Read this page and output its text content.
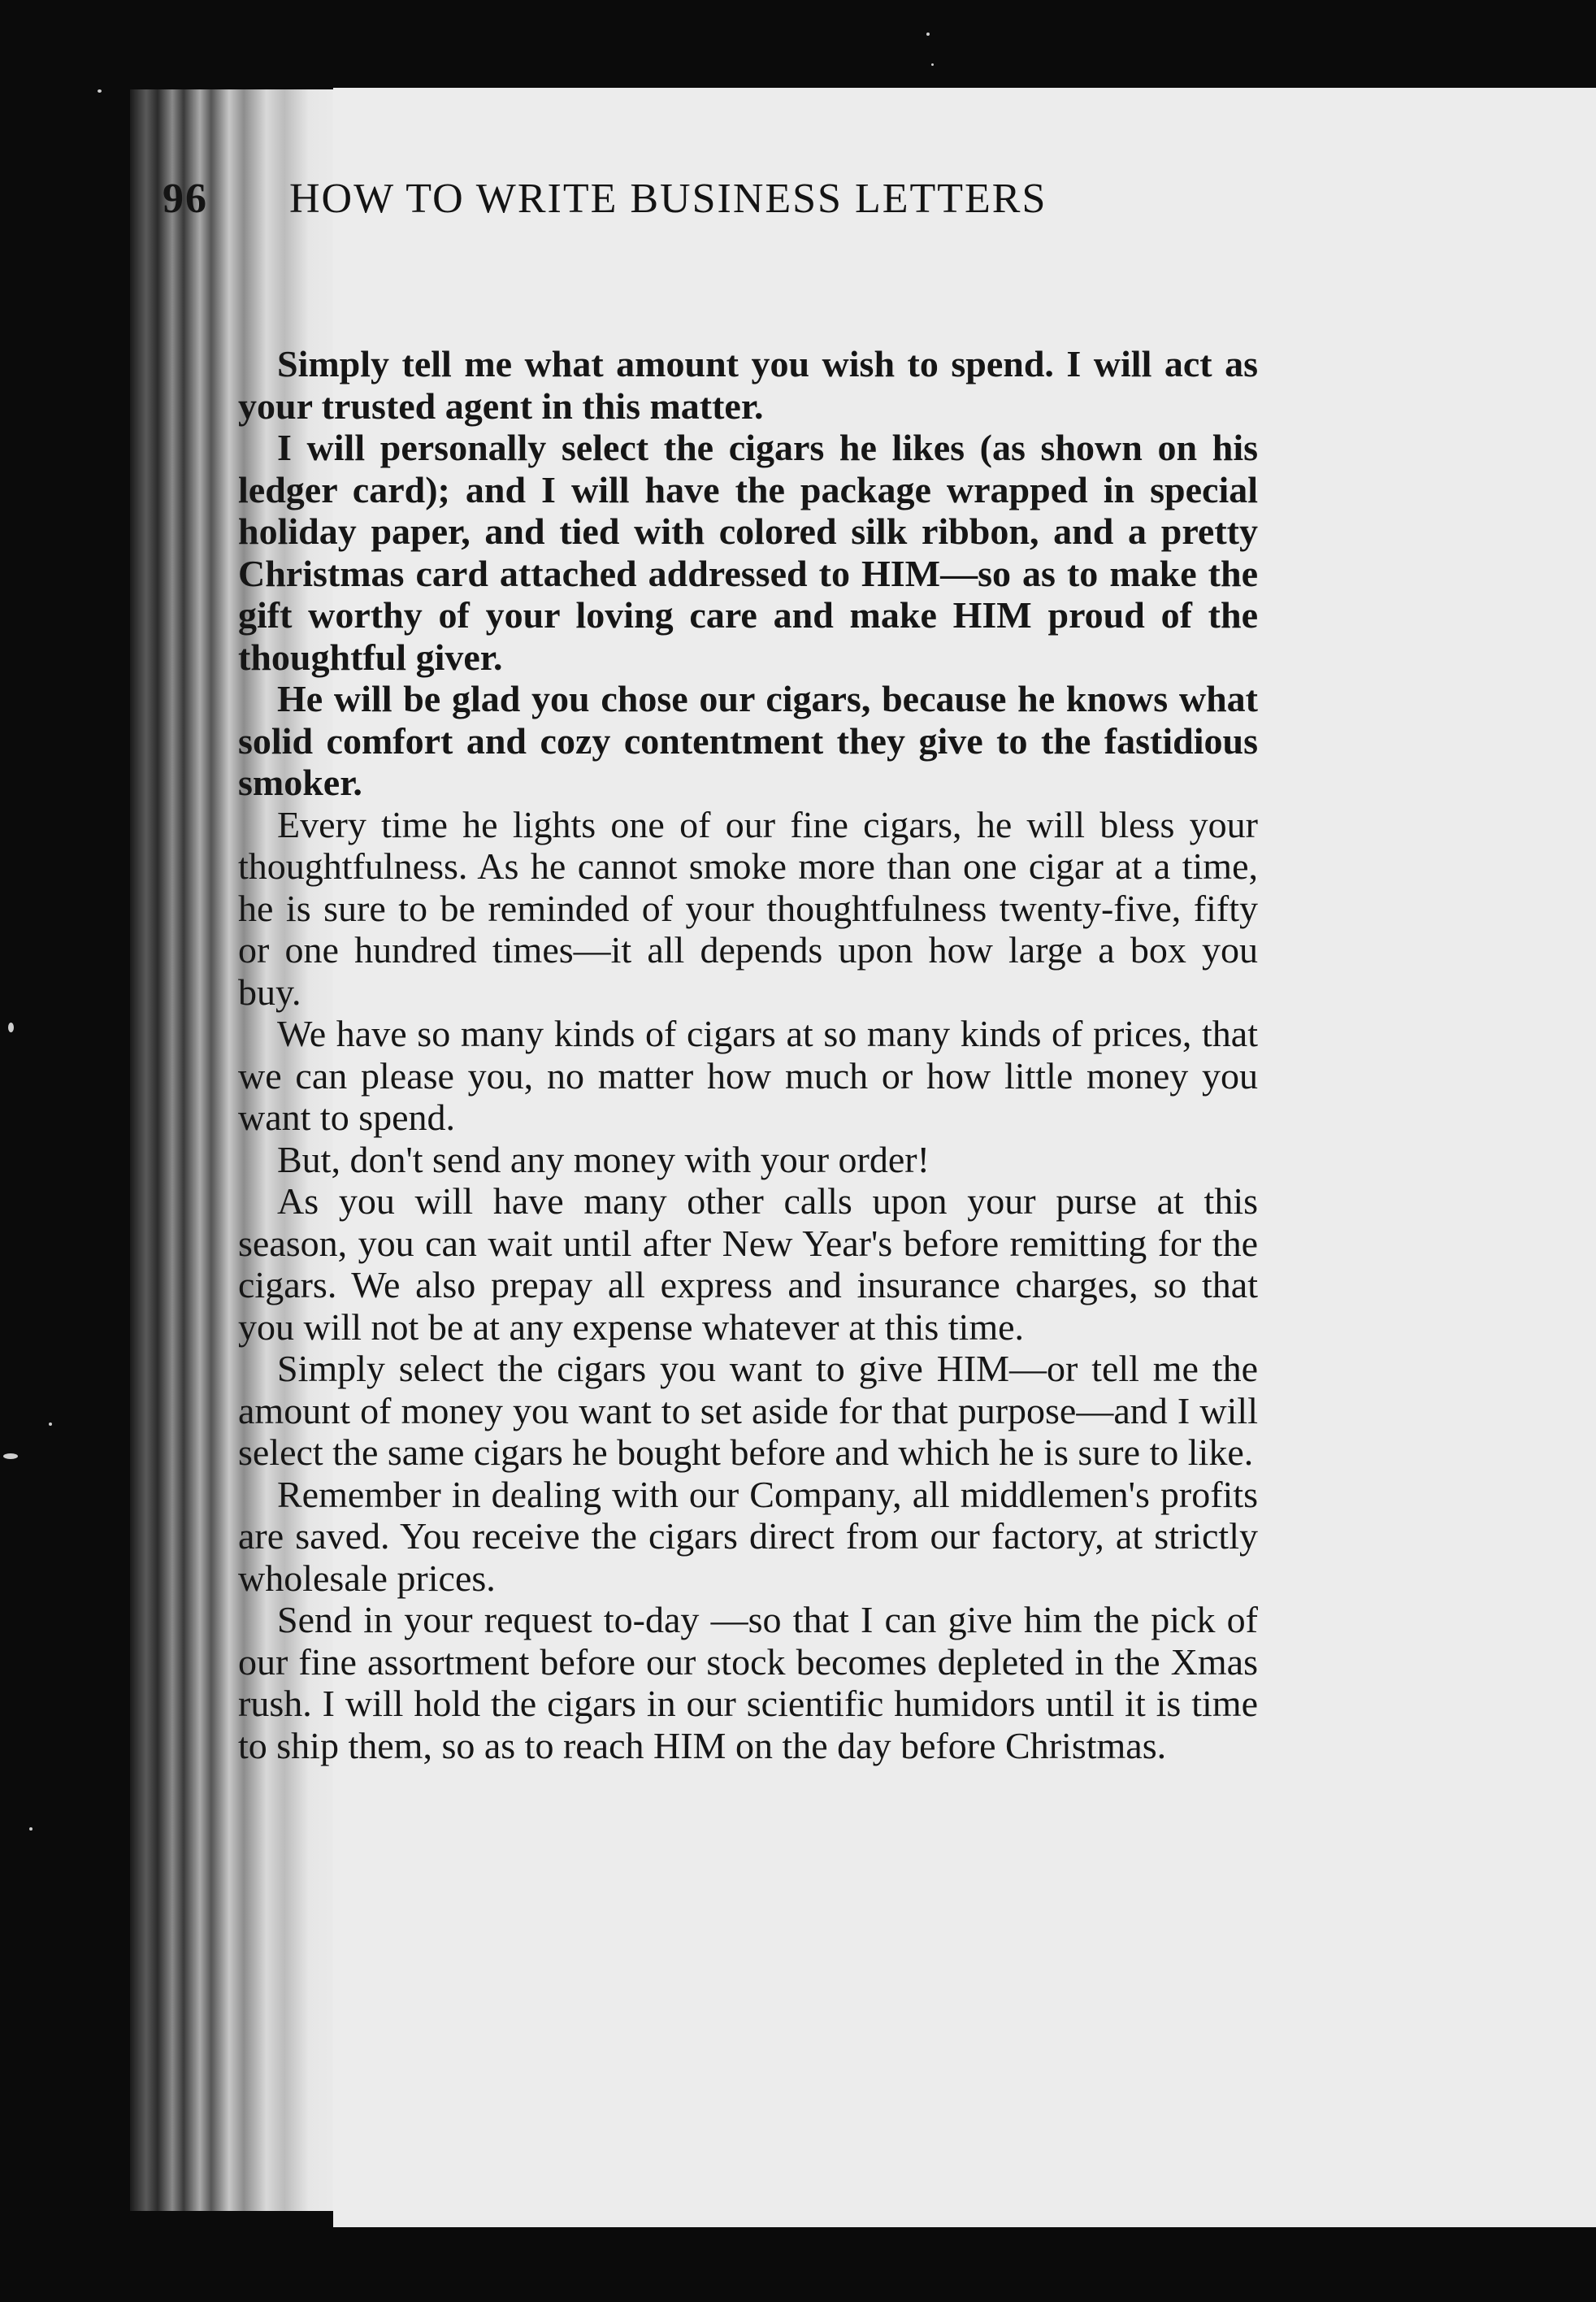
96 HOW TO WRITE BUSINESS LETTERS

Simply tell me what amount you wish to spend. I will act as your trusted agent in this matter.

I will personally select the cigars he likes (as shown on his ledger card); and I will have the package wrapped in special holiday paper, and tied with colored silk ribbon, and a pretty Christmas card attached addressed to HIM—so as to make the gift worthy of your loving care and make HIM proud of the thoughtful giver.

He will be glad you chose our cigars, because he knows what solid comfort and cozy contentment they give to the fastidious smoker.

Every time he lights one of our fine cigars, he will bless your thoughtfulness. As he cannot smoke more than one cigar at a time, he is sure to be reminded of your thoughtfulness twenty-five, fifty or one hundred times—it all depends upon how large a box you buy.

We have so many kinds of cigars at so many kinds of prices, that we can please you, no matter how much or how little money you want to spend.

But, don't send any money with your order!

As you will have many other calls upon your purse at this season, you can wait until after New Year's before remitting for the cigars. We also prepay all express and insurance charges, so that you will not be at any expense whatever at this time.

Simply select the cigars you want to give HIM—or tell me the amount of money you want to set aside for that purpose—and I will select the same cigars he bought before and which he is sure to like.

Remember in dealing with our Company, all middlemen's profits are saved. You receive the cigars direct from our factory, at strictly wholesale prices.

Send in your request to-day —so that I can give him the pick of our fine assortment before our stock becomes depleted in the Xmas rush. I will hold the cigars in our scientific humidors until it is time to ship them, so as to reach HIM on the day before Christmas.
